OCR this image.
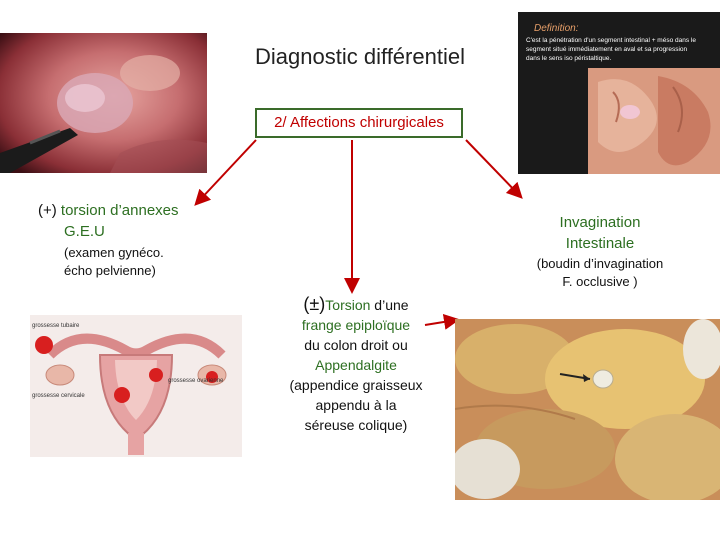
Definition:
C'est la pénétration d'un segment intestinal + méso dans le
segment situé immédiatement en aval et sa progression
dans le sens iso péristaltique.
Diagnostic différentiel
2/ Affections chirurgicales
(+) torsion d’annexes
G.E.U
(examen gynéco.
écho pelvienne)
Invagination
Intestinale
(boudin d’invagination
F. occlusive )
(±)Torsion d’une
frange epiploïque
du colon droit ou
Appendalgite
(appendice graisseux
appendu à la
séreuse colique)
grossesse tubaire
grossesse cervicale
grossesse ovarienne
